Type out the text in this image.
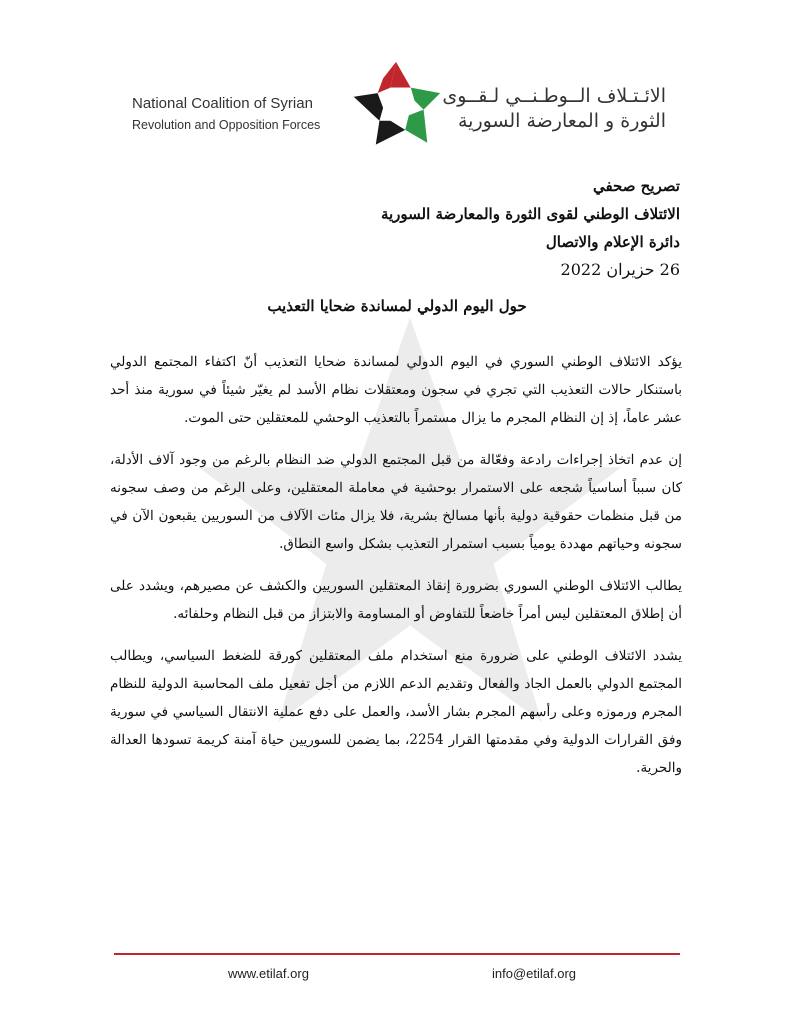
National Coalition of Syrian
Revolution and Opposition Forces
الائـتـلاف الــوطـنــي لـقــوى
الثورة و المعارضة السورية
تصريح صحفي
الائتلاف الوطني لقوى الثورة والمعارضة السورية
دائرة الإعلام والاتصال
26 حزيران 2022
حول اليوم الدولي لمساندة ضحايا التعذيب

يؤكد الائتلاف الوطني السوري في اليوم الدولي لمساندة ضحايا التعذيب أنّ اكتفاء المجتمع الدولي باستنكار حالات التعذيب التي تجري في سجون ومعتقلات نظام الأسد لم يغيّر شيئاً في سورية منذ أحد عشر عاماً، إذ إن النظام المجرم ما يزال مستمراً بالتعذيب الوحشي للمعتقلين حتى الموت.

إن عدم اتخاذ إجراءات رادعة وفعّالة من قبل المجتمع الدولي ضد النظام بالرغم من وجود آلاف الأدلة، كان سبباً أساسياً شجعه على الاستمرار بوحشية في معاملة المعتقلين، وعلى الرغم من وصف سجونه من قبل منظمات حقوقية دولية بأنها مسالخ بشرية، فلا يزال مئات الآلاف من السوريين يقبعون الآن في سجونه وحياتهم مهددة يومياً بسبب استمرار التعذيب بشكل واسع النطاق.

يطالب الائتلاف الوطني السوري بضرورة إنقاذ المعتقلين السوريين والكشف عن مصيرهم، ويشدد على أن إطلاق المعتقلين ليس أمراً خاضعاً للتفاوض أو المساومة والابتزاز من قبل النظام وحلفائه.

يشدد الائتلاف الوطني على ضرورة منع استخدام ملف المعتقلين كورقة للضغط السياسي، ويطالب المجتمع الدولي بالعمل الجاد والفعال وتقديم الدعم اللازم من أجل تفعيل ملف المحاسبة الدولية للنظام المجرم ورموزه وعلى رأسهم المجرم بشار الأسد، والعمل على دفع عملية الانتقال السياسي في سورية وفق القرارات الدولية وفي مقدمتها القرار 2254، بما يضمن للسوريين حياة آمنة كريمة تسودها العدالة والحرية.

www.etilaf.org	info@etilaf.org
